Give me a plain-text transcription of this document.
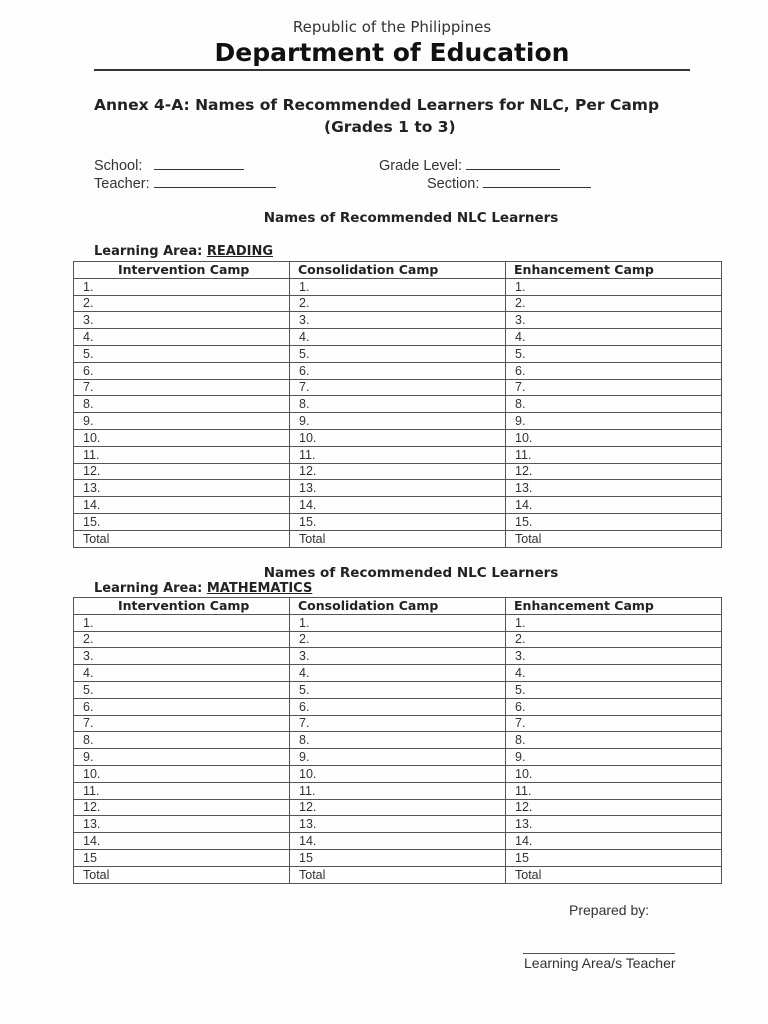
Republic of the Philippines
Department of Education
Annex 4-A: Names of Recommended Learners for NLC, Per Camp
(Grades 1 to 3)
School:
Teacher:
Grade Level:
Section:
Names of Recommended NLC Learners
Learning Area: READING
Intervention Camp	Consolidation Camp	Enhancement Camp
1.	1.	1.
2.	2.	2.
3.	3.	3.
4.	4.	4.
5.	5.	5.
6.	6.	6.
7.	7.	7.
8.	8.	8.
9.	9.	9.
10.	10.	10.
11.	11.	11.
12.	12.	12.
13.	13.	13.
14.	14.	14.
15.	15.	15.
Total	Total	Total
Names of Recommended NLC Learners
Learning Area: MATHEMATICS
Intervention Camp	Consolidation Camp	Enhancement Camp
1.	1.	1.
2.	2.	2.
3.	3.	3.
4.	4.	4.
5.	5.	5.
6.	6.	6.
7.	7.	7.
8.	8.	8.
9.	9.	9.
10.	10.	10.
11.	11.	11.
12.	12.	12.
13.	13.	13.
14.	14.	14.
15	15	15
Total	Total	Total
Prepared by:
Learning Area/s Teacher
